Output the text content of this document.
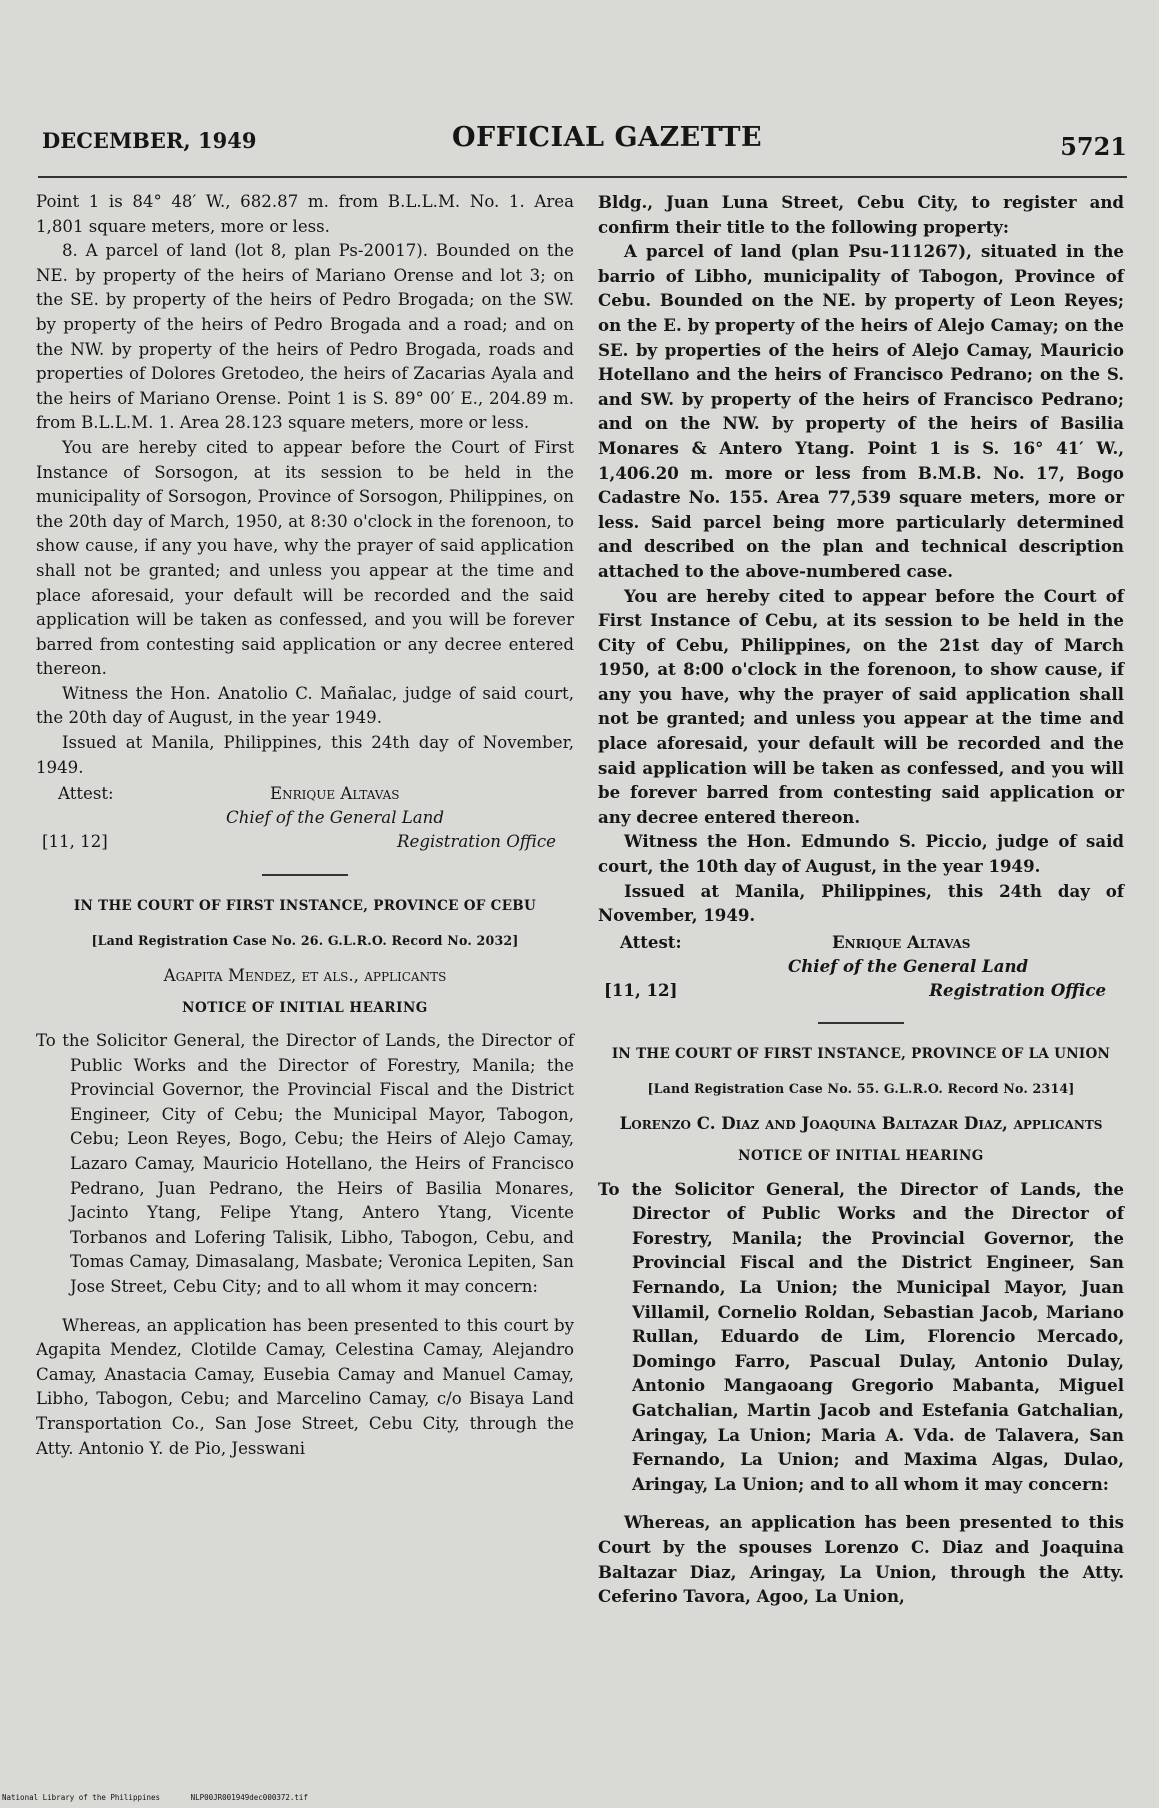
DECEMBER, 1949	OFFICIAL GAZETTE	5721

Point 1 is 84° 48′ W., 682.87 m. from B.L.L.M. No. 1. Area 1,801 square meters, more or less.

8. A parcel of land (lot 8, plan Ps-20017). Bounded on the NE. by property of the heirs of Mariano Orense and lot 3; on the SE. by property of the heirs of Pedro Brogada; on the SW. by property of the heirs of Pedro Brogada and a road; and on the NW. by property of the heirs of Pedro Brogada, roads and properties of Dolores Gretodeo, the heirs of Zacarias Ayala and the heirs of Mariano Orense. Point 1 is S. 89° 00′ E., 204.89 m. from B.L.L.M. 1. Area 28.123 square meters, more or less.

You are hereby cited to appear before the Court of First Instance of Sorsogon, at its session to be held in the municipality of Sorsogon, Province of Sorsogon, Philippines, on the 20th day of March, 1950, at 8:30 o'clock in the forenoon, to show cause, if any you have, why the prayer of said application shall not be granted; and unless you appear at the time and place aforesaid, your default will be recorded and the said application will be taken as confessed, and you will be forever barred from contesting said application or any decree entered thereon.

Witness the Hon. Anatolio C. Mañalac, judge of said court, the 20th day of August, in the year 1949.

Issued at Manila, Philippines, this 24th day of November, 1949.

Attest:	Enrique Altavas
Chief of the General Land
[11, 12]	Registration Office
IN THE COURT OF FIRST INSTANCE, PROVINCE OF CEBU
[Land Registration Case No. 26. G.L.R.O. Record No. 2032]
Agapita Mendez, et als., applicants
NOTICE OF INITIAL HEARING

To the Solicitor General, the Director of Lands, the Director of Public Works and the Director of Forestry, Manila; the Provincial Governor, the Provincial Fiscal and the District Engineer, City of Cebu; the Municipal Mayor, Tabogon, Cebu; Leon Reyes, Bogo, Cebu; the Heirs of Alejo Camay, Lazaro Camay, Mauricio Hotellano, the Heirs of Francisco Pedrano, Juan Pedrano, the Heirs of Basilia Monares, Jacinto Ytang, Felipe Ytang, Antero Ytang, Vicente Torbanos and Lofering Talisik, Libho, Tabogon, Cebu, and Tomas Camay, Dimasalang, Masbate; Veronica Lepiten, San Jose Street, Cebu City; and to all whom it may concern:

Whereas, an application has been presented to this court by Agapita Mendez, Clotilde Camay, Celestina Camay, Alejandro Camay, Anastacia Camay, Eusebia Camay and Manuel Camay, Libho, Tabogon, Cebu; and Marcelino Camay, c/o Bisaya Land Transportation Co., San Jose Street, Cebu City, through the Atty. Antonio Y. de Pio, Jesswani

Bldg., Juan Luna Street, Cebu City, to register and confirm their title to the following property:

A parcel of land (plan Psu-111267), situated in the barrio of Libho, municipality of Tabogon, Province of Cebu. Bounded on the NE. by property of Leon Reyes; on the E. by property of the heirs of Alejo Camay; on the SE. by properties of the heirs of Alejo Camay, Mauricio Hotellano and the heirs of Francisco Pedrano; on the S. and SW. by property of the heirs of Francisco Pedrano; and on the NW. by property of the heirs of Basilia Monares & Antero Ytang. Point 1 is S. 16° 41′ W., 1,406.20 m. more or less from B.M.B. No. 17, Bogo Cadastre No. 155. Area 77,539 square meters, more or less. Said parcel being more particularly determined and described on the plan and technical description attached to the above-numbered case.

You are hereby cited to appear before the Court of First Instance of Cebu, at its session to be held in the City of Cebu, Philippines, on the 21st day of March 1950, at 8:00 o'clock in the forenoon, to show cause, if any you have, why the prayer of said application shall not be granted; and unless you appear at the time and place aforesaid, your default will be recorded and the said application will be taken as confessed, and you will be forever barred from contesting said application or any decree entered thereon.

Witness the Hon. Edmundo S. Piccio, judge of said court, the 10th day of August, in the year 1949.

Issued at Manila, Philippines, this 24th day of November, 1949.

Attest:	Enrique Altavas
Chief of the General Land
[11, 12]	Registration Office
IN THE COURT OF FIRST INSTANCE, PROVINCE OF LA UNION
[Land Registration Case No. 55. G.L.R.O. Record No. 2314]
Lorenzo C. Diaz and Joaquina Baltazar Diaz, applicants
NOTICE OF INITIAL HEARING

To the Solicitor General, the Director of Lands, the Director of Public Works and the Director of Forestry, Manila; the Provincial Governor, the Provincial Fiscal and the District Engineer, San Fernando, La Union; the Municipal Mayor, Juan Villamil, Cornelio Roldan, Sebastian Jacob, Mariano Rullan, Eduardo de Lim, Florencio Mercado, Domingo Farro, Pascual Dulay, Antonio Dulay, Antonio Mangaoang Gregorio Mabanta, Miguel Gatchalian, Martin Jacob and Estefania Gatchalian, Aringay, La Union; Maria A. Vda. de Talavera, San Fernando, La Union; and Maxima Algas, Dulao, Aringay, La Union; and to all whom it may concern:

Whereas, an application has been presented to this Court by the spouses Lorenzo C. Diaz and Joaquina Baltazar Diaz, Aringay, La Union, through the Atty. Ceferino Tavora, Agoo, La Union,

National Library of the Philippines	NLP00JR001949dec000372.tif
